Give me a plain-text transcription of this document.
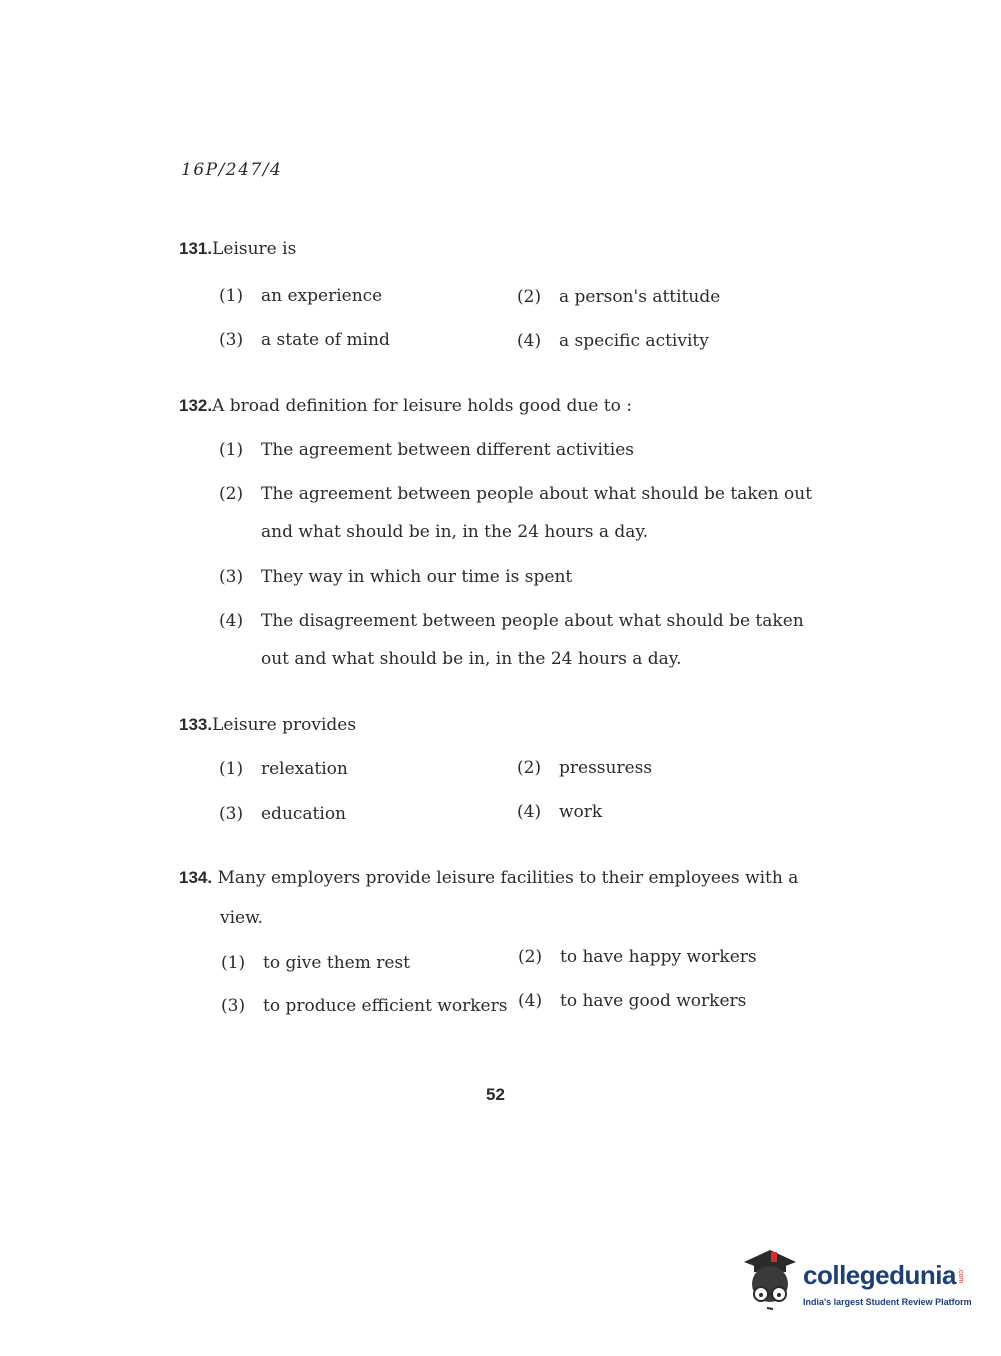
16P/247/4
131.Leisure is
(1) an experience	(2) a person's attitude
(3) a state of mind	(4) a specific activity
132.A broad definition for leisure holds good due to :
(1) The agreement between different activities
(2) The agreement between people about what should be taken out
and what should be in, in the 24 hours a day.
(3) They way in which our time is spent
(4) The disagreement between people about what should be taken
out and what should be in, in the 24 hours a day.
133.Leisure provides
(1) relexation	(2) pressuress
(3) education	(4) work
134. Many employers provide leisure facilities to their employees with a
view.
(1) to give them rest	(2) to have happy workers
(3) to produce efficient workers (4) to have good workers
52
collegedunia .com
India's largest Student Review Platform
